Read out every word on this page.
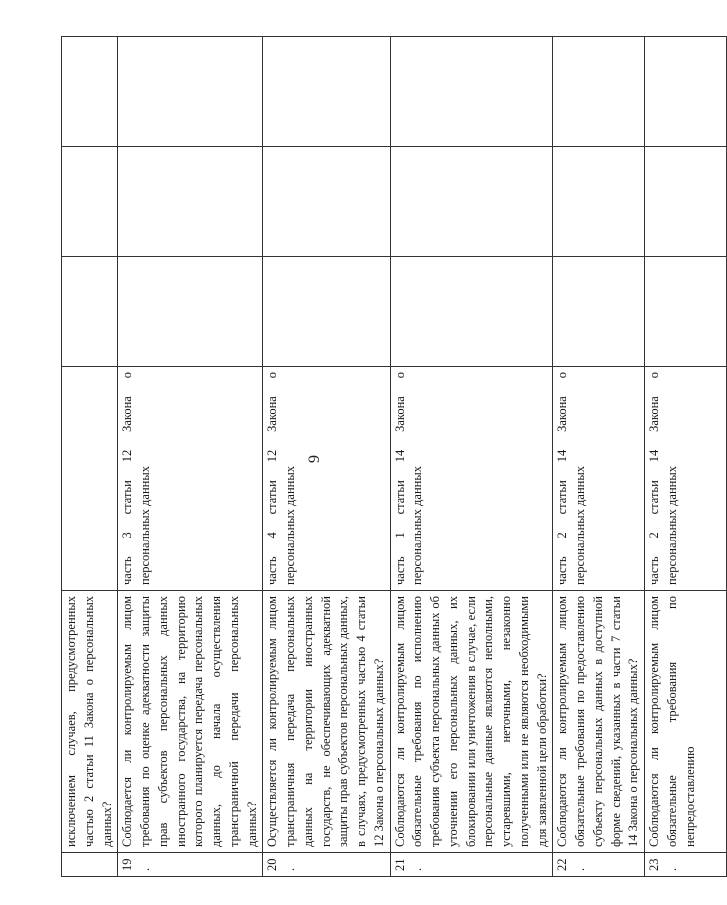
9
	исключением случаев, предусмотренных частью 2 статьи 11 Закона о персональных данных?				
19.	Соблюдается ли контролируемым лицом требования по оценке адекватности защиты прав субъектов персональных данных иностранного государства, на территорию которого планируется передача персональных данных, до начала осуществления трансграничной передачи персональных данных?	часть 3 статьи 12 Закона о персональных данных			
20.	Осуществляется ли контролируемым лицом трансграничная передача персональных данных на территории иностранных государств, не обеспечивающих адекватной защиты прав субъектов персональных данных, в случаях, предусмотренных частью 4 статьи 12 Закона о персональных данных?	часть 4 статьи 12 Закона о персональных данных			
21.	Соблюдаются ли контролируемым лицом обязательные требования по исполнению требования субъекта персональных данных об уточнении его персональных данных, их блокировании или уничтожения в случае, если персональные данные являются неполными, устаревшими, неточными, незаконно полученными или не являются необходимыми для заявленной цели обработки?	часть 1 статьи 14 Закона о персональных данных			
22.	Соблюдаются ли контролируемым лицом обязательные требования по предоставлению субъекту персональных данных в доступной форме сведений, указанных в части 7 статьи 14 Закона о персональных данных?	часть 2 статьи 14 Закона о персональных данных			
23.	Соблюдаются ли контролируемым лицом обязательные требования по непредоставлению	часть 2 статьи 14 Закона о персональных данных			
